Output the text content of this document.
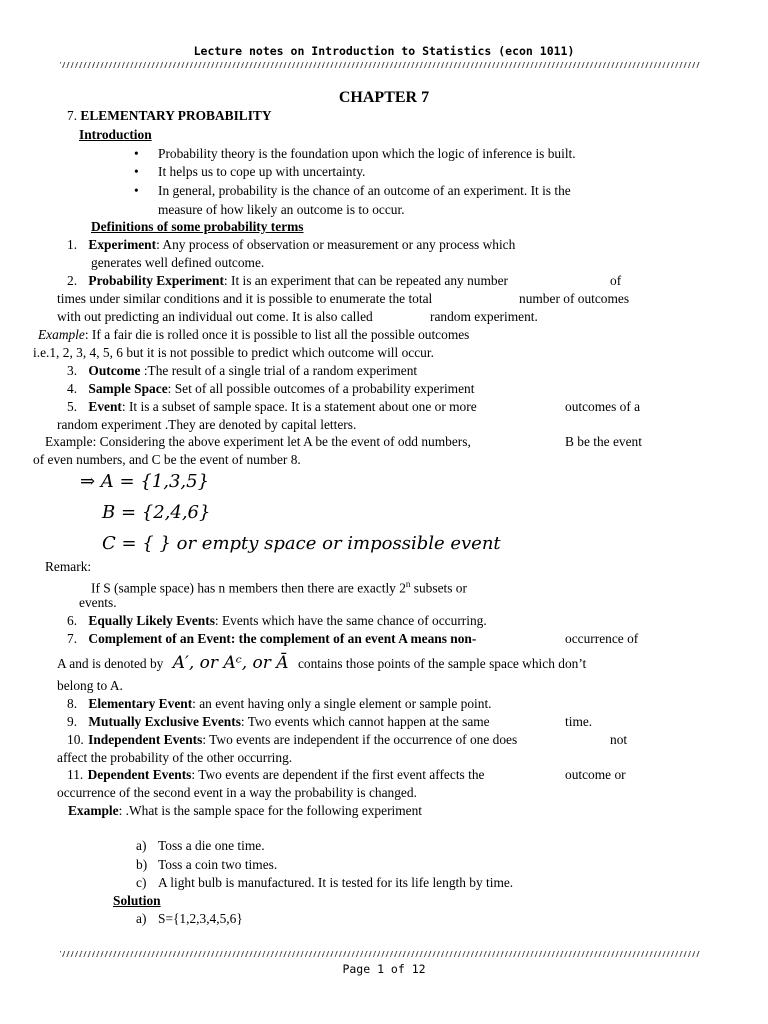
Lecture notes on Introduction to Statistics (econ 1011)
CHAPTER 7
7. ELEMENTARY PROBABILITY
Introduction
• Probability theory is the foundation upon which the logic of inference is built.
• It helps us to cope up with uncertainty.
• In general, probability is the chance of an outcome of an experiment. It is the
measure of how likely an outcome is to occur.
Definitions of some probability terms
1. Experiment: Any process of observation or measurement or any process which
generates well defined outcome.
2. Probability Experiment: It is an experiment that can be repeated any number	of
times under similar conditions and it is possible to enumerate the total	number of outcomes
with out predicting an individual out come. It is also called	random experiment.
Example: If a fair die is rolled once it is possible to list all the possible outcomes
i.e.1, 2, 3, 4, 5, 6 but it is not possible to predict which outcome will occur.
3. Outcome :The result of a single trial of a random experiment
4. Sample Space: Set of all possible outcomes of a probability experiment
5. Event: It is a subset of sample space. It is a statement about one or more	outcomes of a
random experiment .They are denoted by capital letters.
Example: Considering the above experiment let A be the event of odd numbers,	B be the event
of even numbers, and C be the event of number 8.
⇒ A = {1,3,5}
B = {2,4,6}
C = { } or empty space or impossible event
Remark:
If S (sample space) has n members then there are exactly 2$^n$ subsets or
events.
6. Equally Likely Events: Events which have the same chance of occurring.
7. Complement of an Event: the complement of an event A means non-	occurrence of
A and is denoted by A′, or Aᶜ, or Ā contains those points of the sample space which don’t
belong to A.
8. Elementary Event: an event having only a single element or sample point.
9. Mutually Exclusive Events: Two events which cannot happen at the same	time.
10. Independent Events: Two events are independent if the occurrence of one does	not
affect the probability of the other occurring.
11. Dependent Events: Two events are dependent if the first event affects the	outcome or
occurrence of the second event in a way the probability is changed.
Example: .What is the sample space for the following experiment
a) Toss a die one time.
b) Toss a coin two times.
c) A light bulb is manufactured. It is tested for its life length by time.
Solution
a) S={1,2,3,4,5,6}
Page 1 of 12
